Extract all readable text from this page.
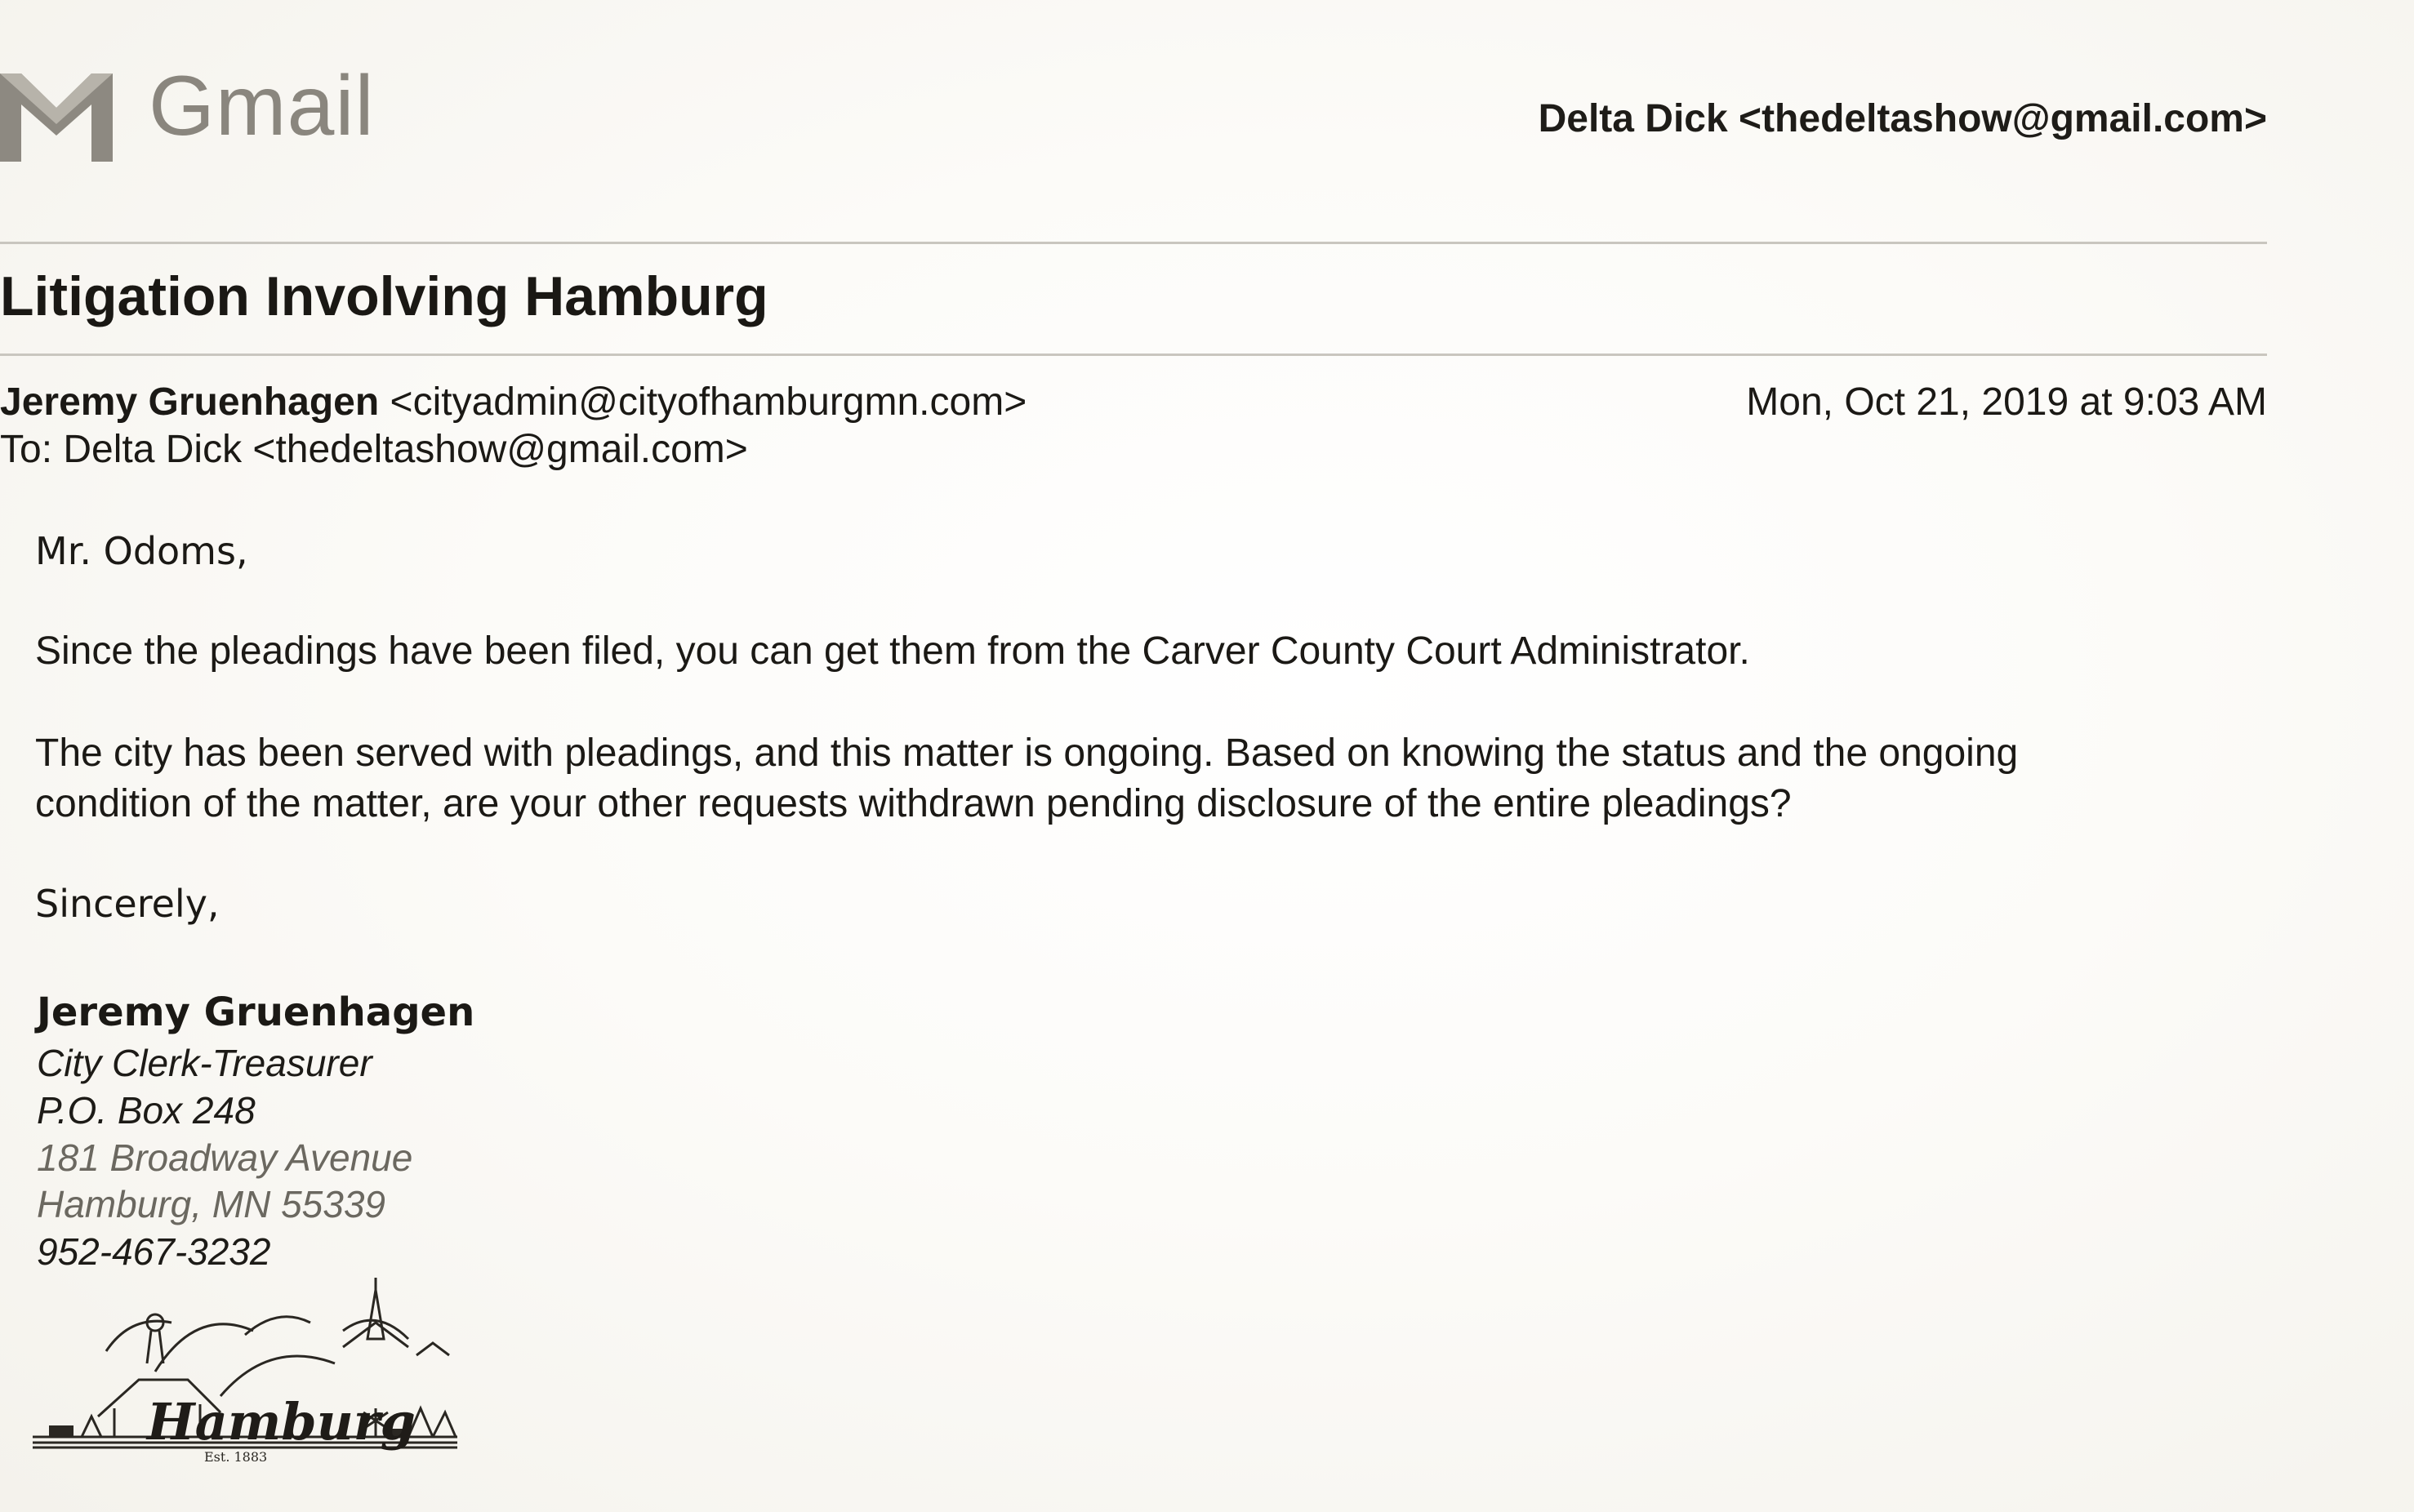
Gmail	Delta Dick <thedeltashow@gmail.com>
Litigation Involving Hamburg
Jeremy Gruenhagen <cityadmin@cityofhamburgmn.com>	Mon, Oct 21, 2019 at 9:03 AM
To: Delta Dick <thedeltashow@gmail.com>
Mr. Odoms,
Since the pleadings have been filed, you can get them from the Carver County Court Administrator.
The city has been served with pleadings, and this matter is ongoing. Based on knowing the status and the ongoing
condition of the matter, are your other requests withdrawn pending disclosure of the entire pleadings?
Sincerely,
Jeremy Gruenhagen
City Clerk-Treasurer
P.O. Box 248
181 Broadway Avenue
Hamburg, MN 55339
952-467-3232
Hamburg
Est. 1883
